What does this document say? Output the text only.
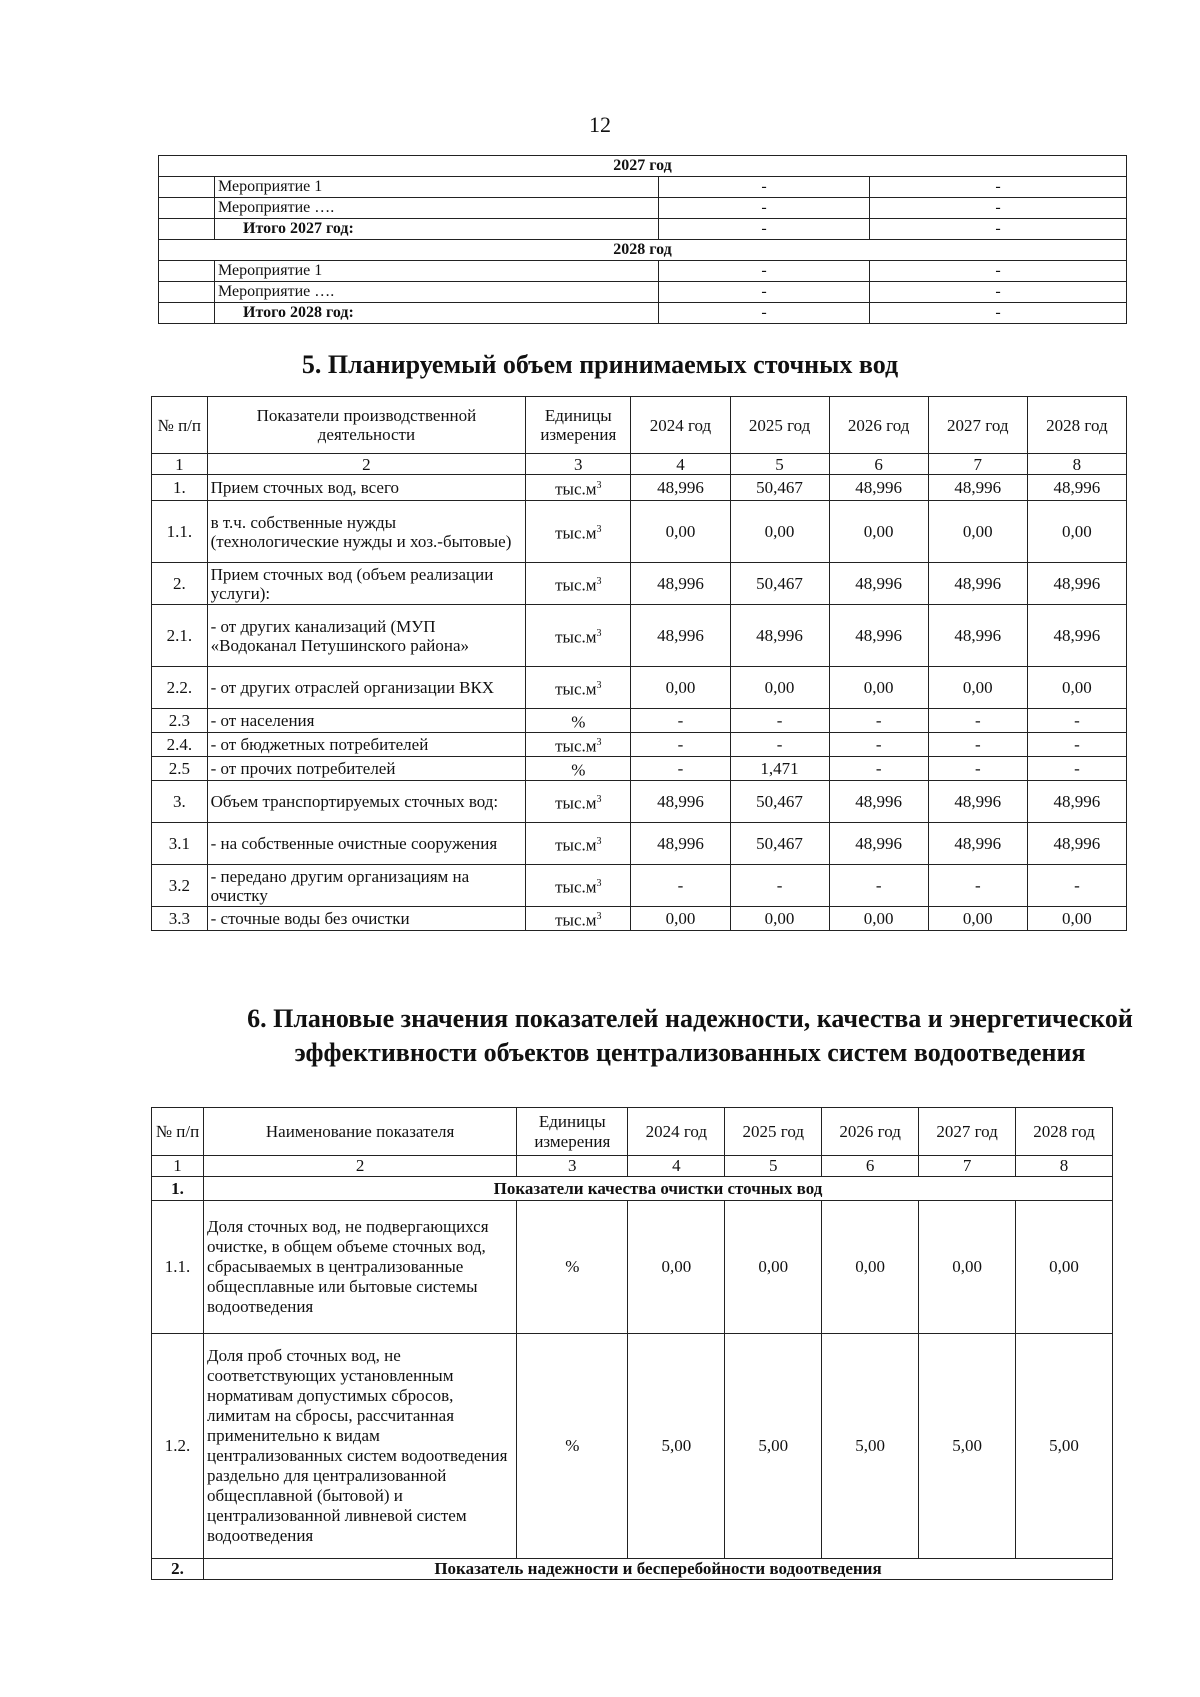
12
2027 год			
	Мероприятие 1	-	-
	Мероприятие ….	-	-
	Итого 2027 год:	-	-
2028 год			
	Мероприятие 1	-	-
	Мероприятие ….	-	-
	Итого 2028 год:	-	-
5. Планируемый объем принимаемых сточных вод
№ п/п	Показатели производственной деятельности	Единицы измерения	2024 год	2025 год	2026 год	2027 год	2028 год
1	2	3	4	5	6	7	8
1.	Прием сточных вод, всего	$тыс.м^3$	48,996	50,467	48,996	48,996	48,996
1.1.	в т.ч. собственные нужды (технологические нужды и хоз.-бытовые)	$тыс.м^3$	0,00	0,00	0,00	0,00	0,00
2.	Прием сточных вод (объем реализации услуги):	$тыс.м^3$	48,996	50,467	48,996	48,996	48,996
2.1.	- от других канализаций (МУП «Водоканал Петушинского района»	$тыс.м^3$	48,996	48,996	48,996	48,996	48,996
2.2.	- от других отраслей организации ВКХ	$тыс.м^3$	0,00	0,00	0,00	0,00	0,00
2.3	- от населения	%	-	-	-	-	-
2.4.	- от бюджетных потребителей	$тыс.м^3$	-	-	-	-	-
2.5	- от прочих потребителей	%	-	1,471	-	-	-
3.	Объем транспортируемых сточных вод:	$тыс.м^3$	48,996	50,467	48,996	48,996	48,996
3.1	- на собственные очистные сооружения	$тыс.м^3$	48,996	50,467	48,996	48,996	48,996
3.2	- передано другим организациям на очистку	$тыс.м^3$	-	-	-	-	-
3.3	- сточные воды без очистки	$тыс.м^3$	0,00	0,00	0,00	0,00	0,00
6. Плановые значения показателей надежности, качества и энергетической эффективности объектов централизованных систем водоотведения
№ п/п	Наименование показателя	Единицы измерения	2024 год	2025 год	2026 год	2027 год	2028 год
1	2	3	4	5	6	7	8
1.	Показатели качества очистки сточных вод						
1.1.	Доля сточных вод, не подвергающихся очистке, в общем объеме сточных вод, сбрасываемых в централизованные общесплавные или бытовые системы водоотведения	%	0,00	0,00	0,00	0,00	0,00
1.2.	Доля проб сточных вод, не соответствующих установленным нормативам допустимых сбросов, лимитам на сбросы, рассчитанная применительно к видам централизованных систем водоотведения раздельно для централизованной общесплавной (бытовой) и централизованной ливневой систем водоотведения	%	5,00	5,00	5,00	5,00	5,00
2.	Показатель надежности и бесперебойности водоотведения						
